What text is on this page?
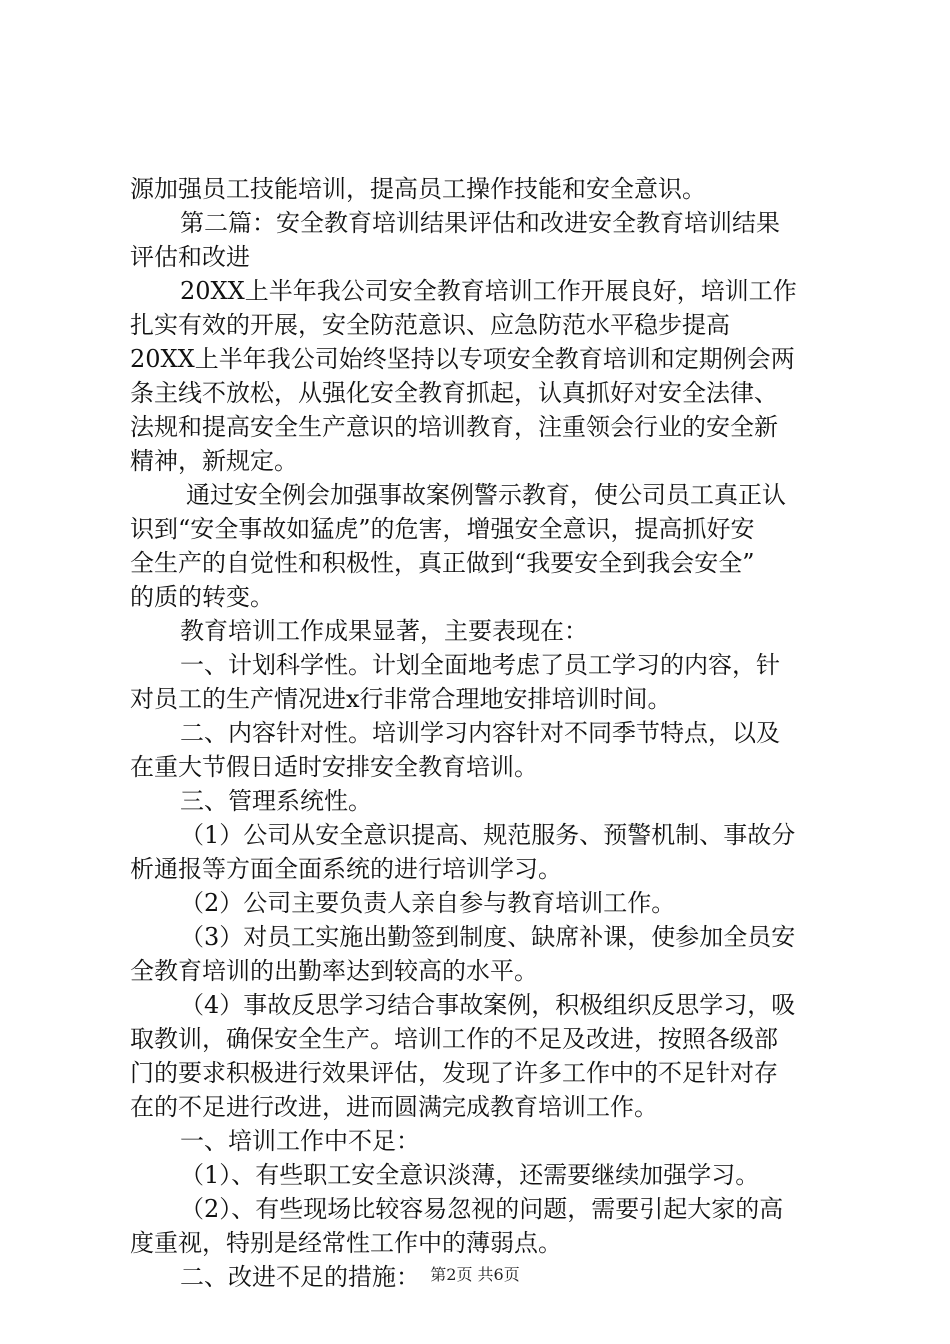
源加强员工技能培训，提高员工操作技能和安全意识。
第二篇：安全教育培训结果评估和改进安全教育培训结果
评估和改进
20XX上半年我公司安全教育培训工作开展良好，培训工作
扎实有效的开展，安全防范意识、应急防范水平稳步提高
20XX上半年我公司始终坚持以专项安全教育培训和定期例会两
条主线不放松，从强化安全教育抓起，认真抓好对安全法律、
法规和提高安全生产意识的培训教育，注重领会行业的安全新
精神，新规定。
通过安全例会加强事故案例警示教育，使公司员工真正认
识到“安全事故如猛虎”的危害，增强安全意识，提高抓好安
全生产的自觉性和积极性，真正做到“我要安全到我会安全”
的质的转变。
教育培训工作成果显著，主要表现在：
一、计划科学性。计划全面地考虑了员工学习的内容，针
对员工的生产情况进x行非常合理地安排培训时间。
二、内容针对性。培训学习内容针对不同季节特点，以及
在重大节假日适时安排安全教育培训。
三、管理系统性。
（1）公司从安全意识提高、规范服务、预警机制、事故分
析通报等方面全面系统的进行培训学习。
（2）公司主要负责人亲自参与教育培训工作。
（3）对员工实施出勤签到制度、缺席补课，使参加全员安
全教育培训的出勤率达到较高的水平。
（4）事故反思学习结合事故案例，积极组织反思学习，吸
取教训，确保安全生产。培训工作的不足及改进，按照各级部
门的要求积极进行效果评估，发现了许多工作中的不足针对存
在的不足进行改进，进而圆满完成教育培训工作。
一、培训工作中不足：
（1）、有些职工安全意识淡薄，还需要继续加强学习。
（2）、有些现场比较容易忽视的问题，需要引起大家的高
度重视，特别是经常性工作中的薄弱点。
二、改进不足的措施： 第2页 共6页
